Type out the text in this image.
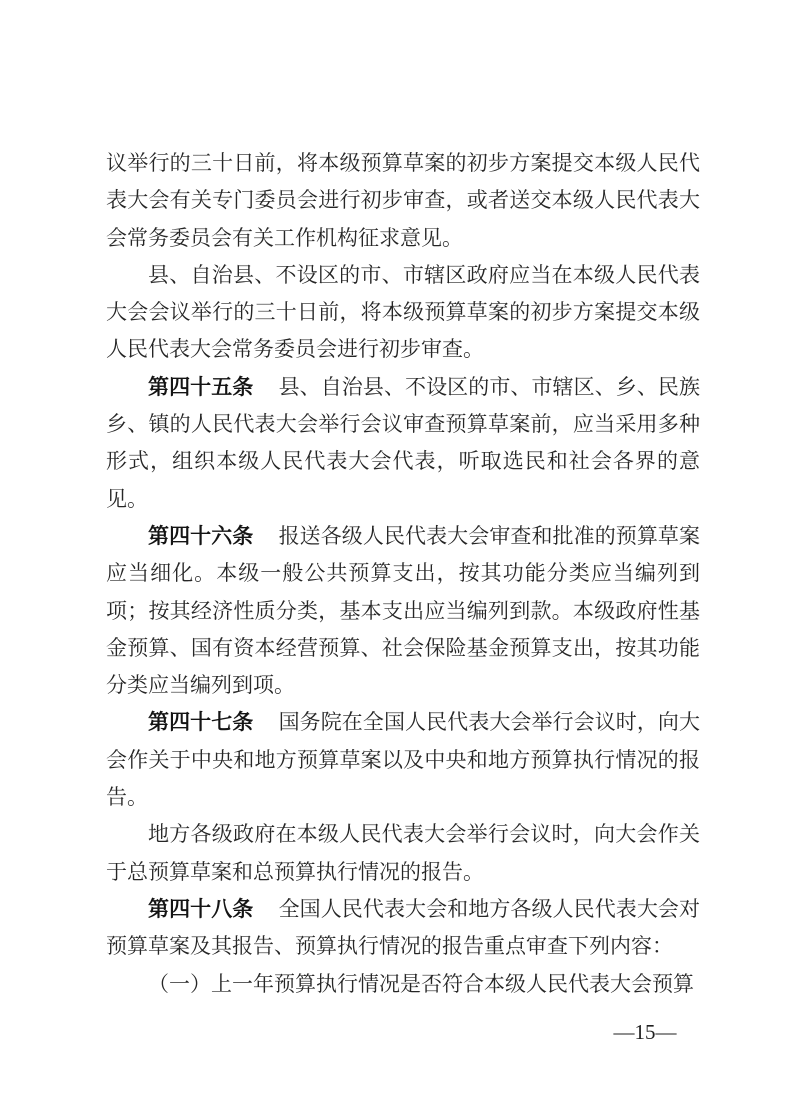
议举行的三十日前，将本级预算草案的初步方案提交本级人民代表大会有关专门委员会进行初步审查，或者送交本级人民代表大会常务委员会有关工作机构征求意见。

县、自治县、不设区的市、市辖区政府应当在本级人民代表大会会议举行的三十日前，将本级预算草案的初步方案提交本级人民代表大会常务委员会进行初步审查。

第四十五条 县、自治县、不设区的市、市辖区、乡、民族乡、镇的人民代表大会举行会议审查预算草案前，应当采用多种形式，组织本级人民代表大会代表，听取选民和社会各界的意见。

第四十六条 报送各级人民代表大会审查和批准的预算草案应当细化。本级一般公共预算支出，按其功能分类应当编列到项；按其经济性质分类，基本支出应当编列到款。本级政府性基金预算、国有资本经营预算、社会保险基金预算支出，按其功能分类应当编列到项。

第四十七条 国务院在全国人民代表大会举行会议时，向大会作关于中央和地方预算草案以及中央和地方预算执行情况的报告。

地方各级政府在本级人民代表大会举行会议时，向大会作关于总预算草案和总预算执行情况的报告。

第四十八条 全国人民代表大会和地方各级人民代表大会对预算草案及其报告、预算执行情况的报告重点审查下列内容：

（一）上一年预算执行情况是否符合本级人民代表大会预算

—15—
